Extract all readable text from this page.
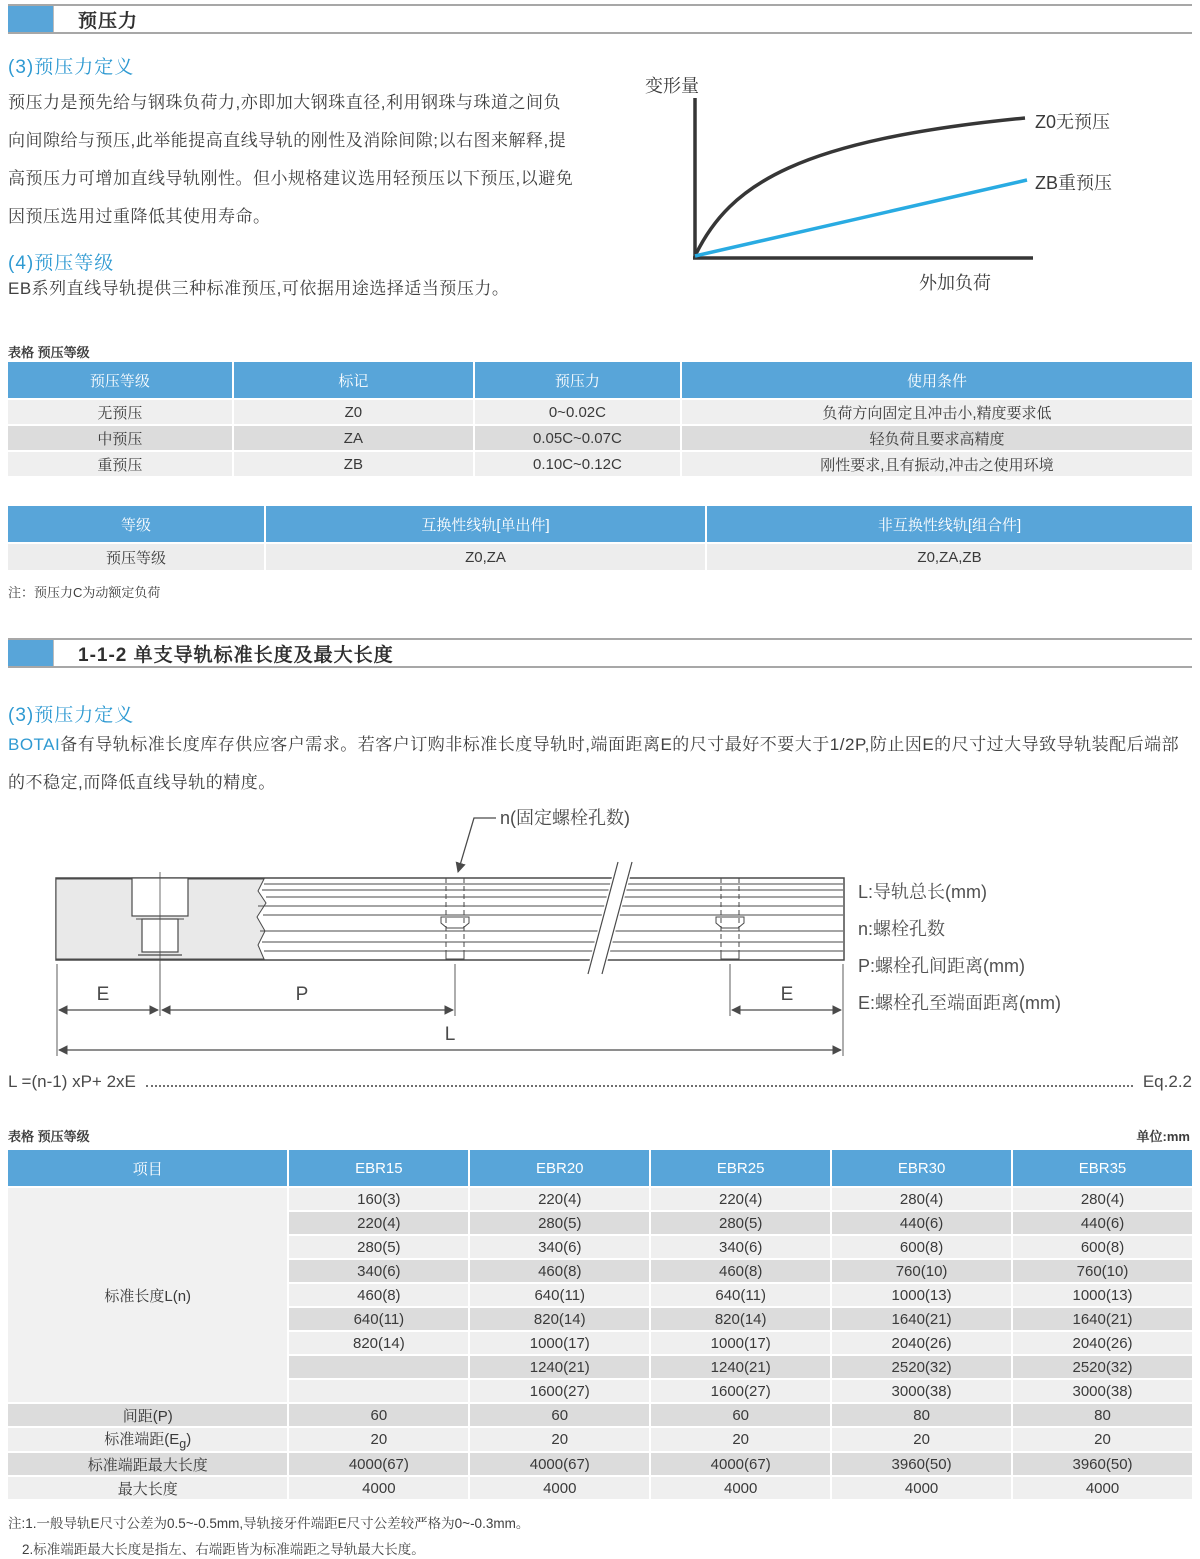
预压力
(3)预压力定义
预压力是预先给与钢珠负荷力,亦即加大钢珠直径,利用钢珠与珠道之间负向间隙给与预压,此举能提高直线导轨的刚性及消除间隙;以右图来解释,提高预压力可增加直线导轨刚性。但小规格建议选用轻预压以下预压,以避免因预压选用过重降低其使用寿命。
(4)预压等级
EB系列直线导轨提供三种标准预压,可依据用途选择适当预压力。
变形量
Z0无预压
ZB重预压
外加负荷
表格 预压等级
预压等级	标记	预压力	使用条件
无预压	Z0	0~0.02C	负荷方向固定且冲击小,精度要求低
中预压	ZA	0.05C~0.07C	轻负荷且要求高精度
重预压	ZB	0.10C~0.12C	刚性要求,且有振动,冲击之使用环境
等级	互换性线轨[单出件]	非互换性线轨[组合件]
预压等级	Z0,ZA	Z0,ZA,ZB
注：预压力C为动额定负荷
1-1-2 单支导轨标准长度及最大长度
(3)预压力定义
BOTAI备有导轨标准长度库存供应客户需求。若客户订购非标准长度导轨时,端面距离E的尺寸最好不要大于1/2P,防止因E的尺寸过大导致导轨装配后端部的不稳定,而降低直线导轨的精度。
n(固定螺栓孔数)
E	P	E
L
L:导轨总长(mm)
n:螺栓孔数
P:螺栓孔间距离(mm)
E:螺栓孔至端面距离(mm)
L =(n-1) xP+ 2xE	Eq.2.2
表格 预压等级	单位:mm
项目	EBR15	EBR20	EBR25	EBR30	EBR35
标准长度L(n)	160(3)	220(4)	220(4)	280(4)	280(4)
	220(4)	280(5)	280(5)	440(6)	440(6)
	280(5)	340(6)	340(6)	600(8)	600(8)
	340(6)	460(8)	460(8)	760(10)	760(10)
	460(8)	640(11)	640(11)	1000(13)	1000(13)
	640(11)	820(14)	820(14)	1640(21)	1640(21)
	820(14)	1000(17)	1000(17)	2040(26)	2040(26)
		1240(21)	1240(21)	2520(32)	2520(32)
		1600(27)	1600(27)	3000(38)	3000(38)
间距(P)	60	60	60	80	80
标准端距$(E_g)$	20	20	20	20	20
标准端距最大长度	4000(67)	4000(67)	4000(67)	3960(50)	3960(50)
最大长度	4000	4000	4000	4000	4000
注:1.一般导轨E尺寸公差为0.5~-0.5mm,导轨接牙件端距E尺寸公差较严格为0~-0.3mm。
2.标准端距最大长度是指左、右端距皆为标准端距之导轨最大长度。
